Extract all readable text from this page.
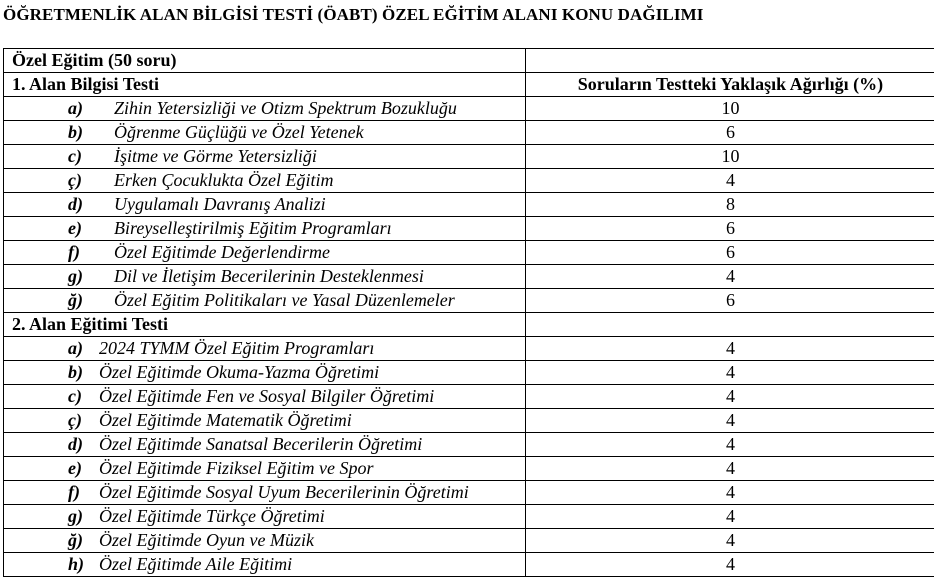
ÖĞRETMENLİK ALAN BİLGİSİ TESTİ (ÖABT) ÖZEL EĞİTİM ALANI KONU DAĞILIMI
Özel Eğitim (50 soru)	
1. Alan Bilgisi Testi	Soruların Testteki Yaklaşık Ağırlığı (%)
a) Zihin Yetersizliği ve Otizm Spektrum Bozukluğu	10
b) Öğrenme Güçlüğü ve Özel Yetenek	6
c) İşitme ve Görme Yetersizliği	10
ç) Erken Çocuklukta Özel Eğitim	4
d) Uygulamalı Davranış Analizi	8
e) Bireyselleştirilmiş Eğitim Programları	6
f) Özel Eğitimde Değerlendirme	6
g) Dil ve İletişim Becerilerinin Desteklenmesi	4
ğ) Özel Eğitim Politikaları ve Yasal Düzenlemeler	6
2. Alan Eğitimi Testi	
a) 2024 TYMM Özel Eğitim Programları	4
b) Özel Eğitimde Okuma-Yazma Öğretimi	4
c) Özel Eğitimde Fen ve Sosyal Bilgiler Öğretimi	4
ç) Özel Eğitimde Matematik Öğretimi	4
d) Özel Eğitimde Sanatsal Becerilerin Öğretimi	4
e) Özel Eğitimde Fiziksel Eğitim ve Spor	4
f) Özel Eğitimde Sosyal Uyum Becerilerinin Öğretimi	4
g) Özel Eğitimde Türkçe Öğretimi	4
ğ) Özel Eğitimde Oyun ve Müzik	4
h) Özel Eğitimde Aile Eğitimi	4
